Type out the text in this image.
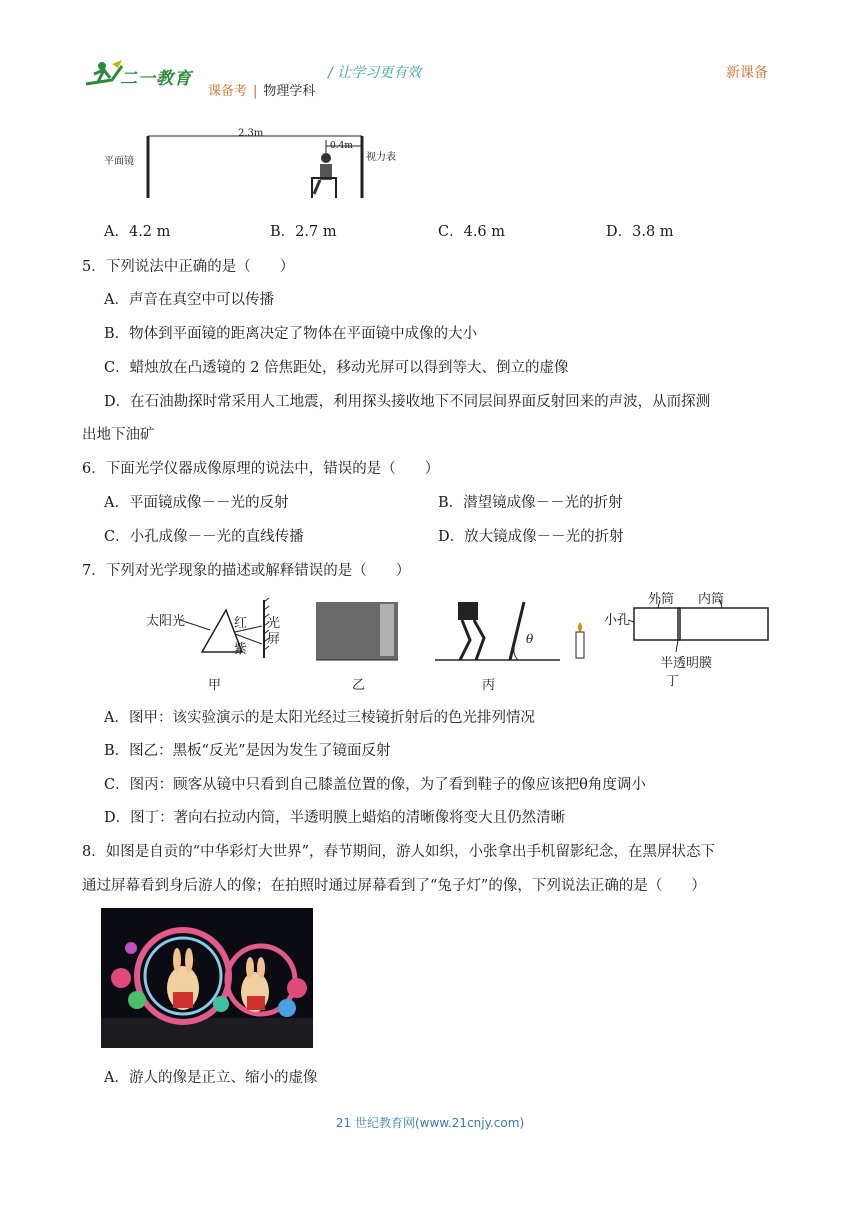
二一教育	/ 让学习更有效	新课备
课备考 | 物理学科
平面镜
2.3m
0.4m
视力表
A．4.2 m	B．2.7 m	C．4.6 m	D．3.8 m
5．下列说法中正确的是（　　）
A．声音在真空中可以传播
B．物体到平面镜的距离决定了物体在平面镜中成像的大小
C．蜡烛放在凸透镜的 2 倍焦距处，移动光屏可以得到等大、倒立的虚像
D．在石油勘探时常采用人工地震，利用探头接收地下不同层间界面反射回来的声波，从而探测
出地下油矿
6．下面光学仪器成像原理的说法中，错误的是（　　）
A．平面镜成像－－光的反射	B．潜望镜成像－－光的折射
C．小孔成像－－光的直线传播	D．放大镜成像－－光的折射
7．下列对光学现象的描述或解释错误的是（　　）
太阳光	红
紫
光屏
甲	乙	丙
θ
外筒 内筒
小孔
半透明膜
丁
A．图甲：该实验演示的是太阳光经过三棱镜折射后的色光排列情况
B．图乙：黑板“反光”是因为发生了镜面反射
C．图丙：顾客从镜中只看到自己膝盖位置的像，为了看到鞋子的像应该把θ角度调小
D．图丁：著向右拉动内筒，半透明膜上蜡焰的清晰像将变大且仍然清晰
8．如图是自贡的“中华彩灯大世界”，春节期间，游人如织，小张拿出手机留影纪念，在黑屏状态下
通过屏幕看到身后游人的像；在拍照时通过屏幕看到了“兔子灯”的像，下列说法正确的是（　　）
A．游人的像是正立、缩小的虚像
21 世纪教育网(www.21cnjy.com)
